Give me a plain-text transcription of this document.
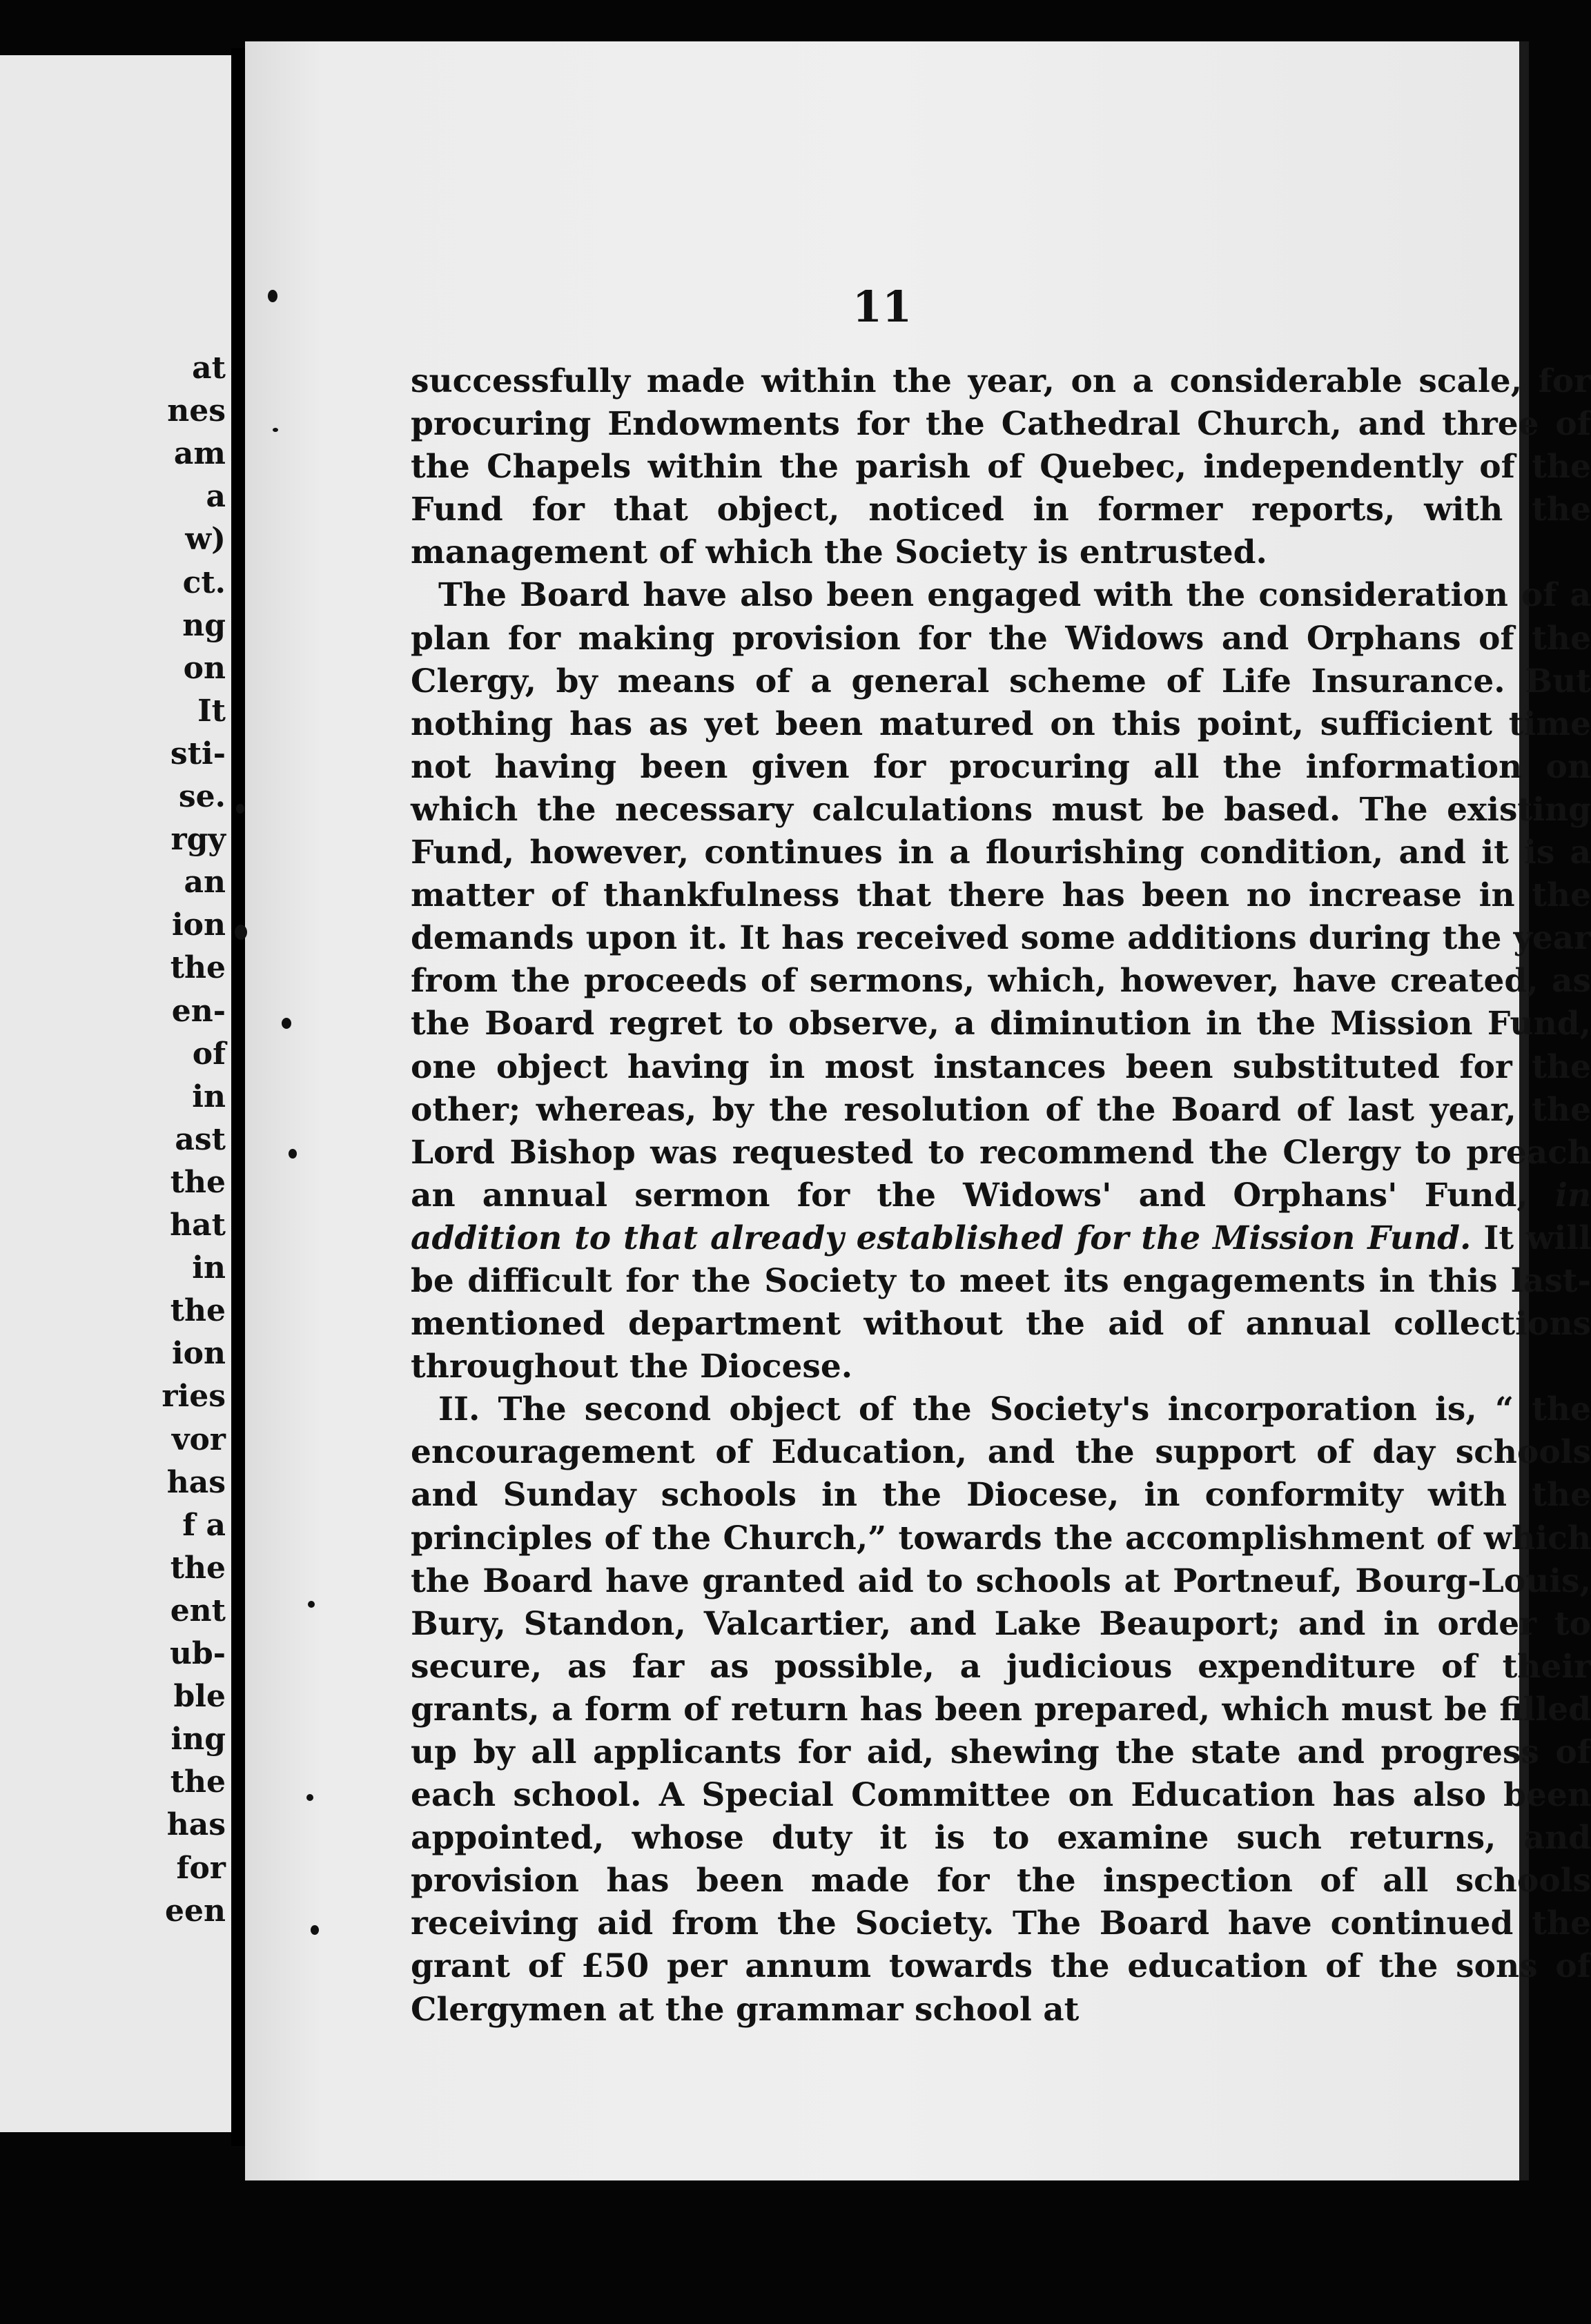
at
nes
am
a
w)
ct.
ng
on
It
sti-
se.
rgy
an
ion
the
en-
of
in
ast
the
hat
in
the
ion
ries
vor
has
f a
the
ent
ub-
ble
ing
the
has
for
een
11

successfully made within the year, on a considerable scale, for procuring Endowments for the Cathedral Church, and three of the Chapels within the parish of Quebec, independently of the Fund for that object, noticed in former reports, with the management of which the Society is entrusted.

The Board have also been engaged with the consideration of a plan for making provision for the Widows and Orphans of the Clergy, by means of a general scheme of Life Insurance. But nothing has as yet been matured on this point, sufficient time not having been given for procuring all the information on which the necessary calculations must be based. The existing Fund, however, continues in a flourishing condition, and it is a matter of thankfulness that there has been no increase in the demands upon it. It has received some additions during the year from the proceeds of sermons, which, however, have created, as the Board regret to observe, a diminution in the Mission Fund, one object having in most instances been substituted for the other; whereas, by the resolution of the Board of last year, the Lord Bishop was requested to recommend the Clergy to preach an annual sermon for the Widows' and Orphans' Fund, in addition to that already established for the Mission Fund. It will be difficult for the Society to meet its engagements in this last-mentioned department without the aid of annual collections throughout the Diocese.

II. The second object of the Society's incorporation is, “ the encouragement of Education, and the support of day schools and Sunday schools in the Diocese, in conformity with the principles of the Church,” towards the accomplishment of which the Board have granted aid to schools at Portneuf, Bourg-Louis, Bury, Standon, Valcartier, and Lake Beauport; and in order to secure, as far as possible, a judicious expenditure of their grants, a form of return has been prepared, which must be filled up by all applicants for aid, shewing the state and progress of each school. A Special Committee on Education has also been appointed, whose duty it is to examine such returns, and provision has been made for the inspection of all schools receiving aid from the Society. The Board have continued the grant of £50 per annum towards the education of the sons of Clergymen at the grammar school at
